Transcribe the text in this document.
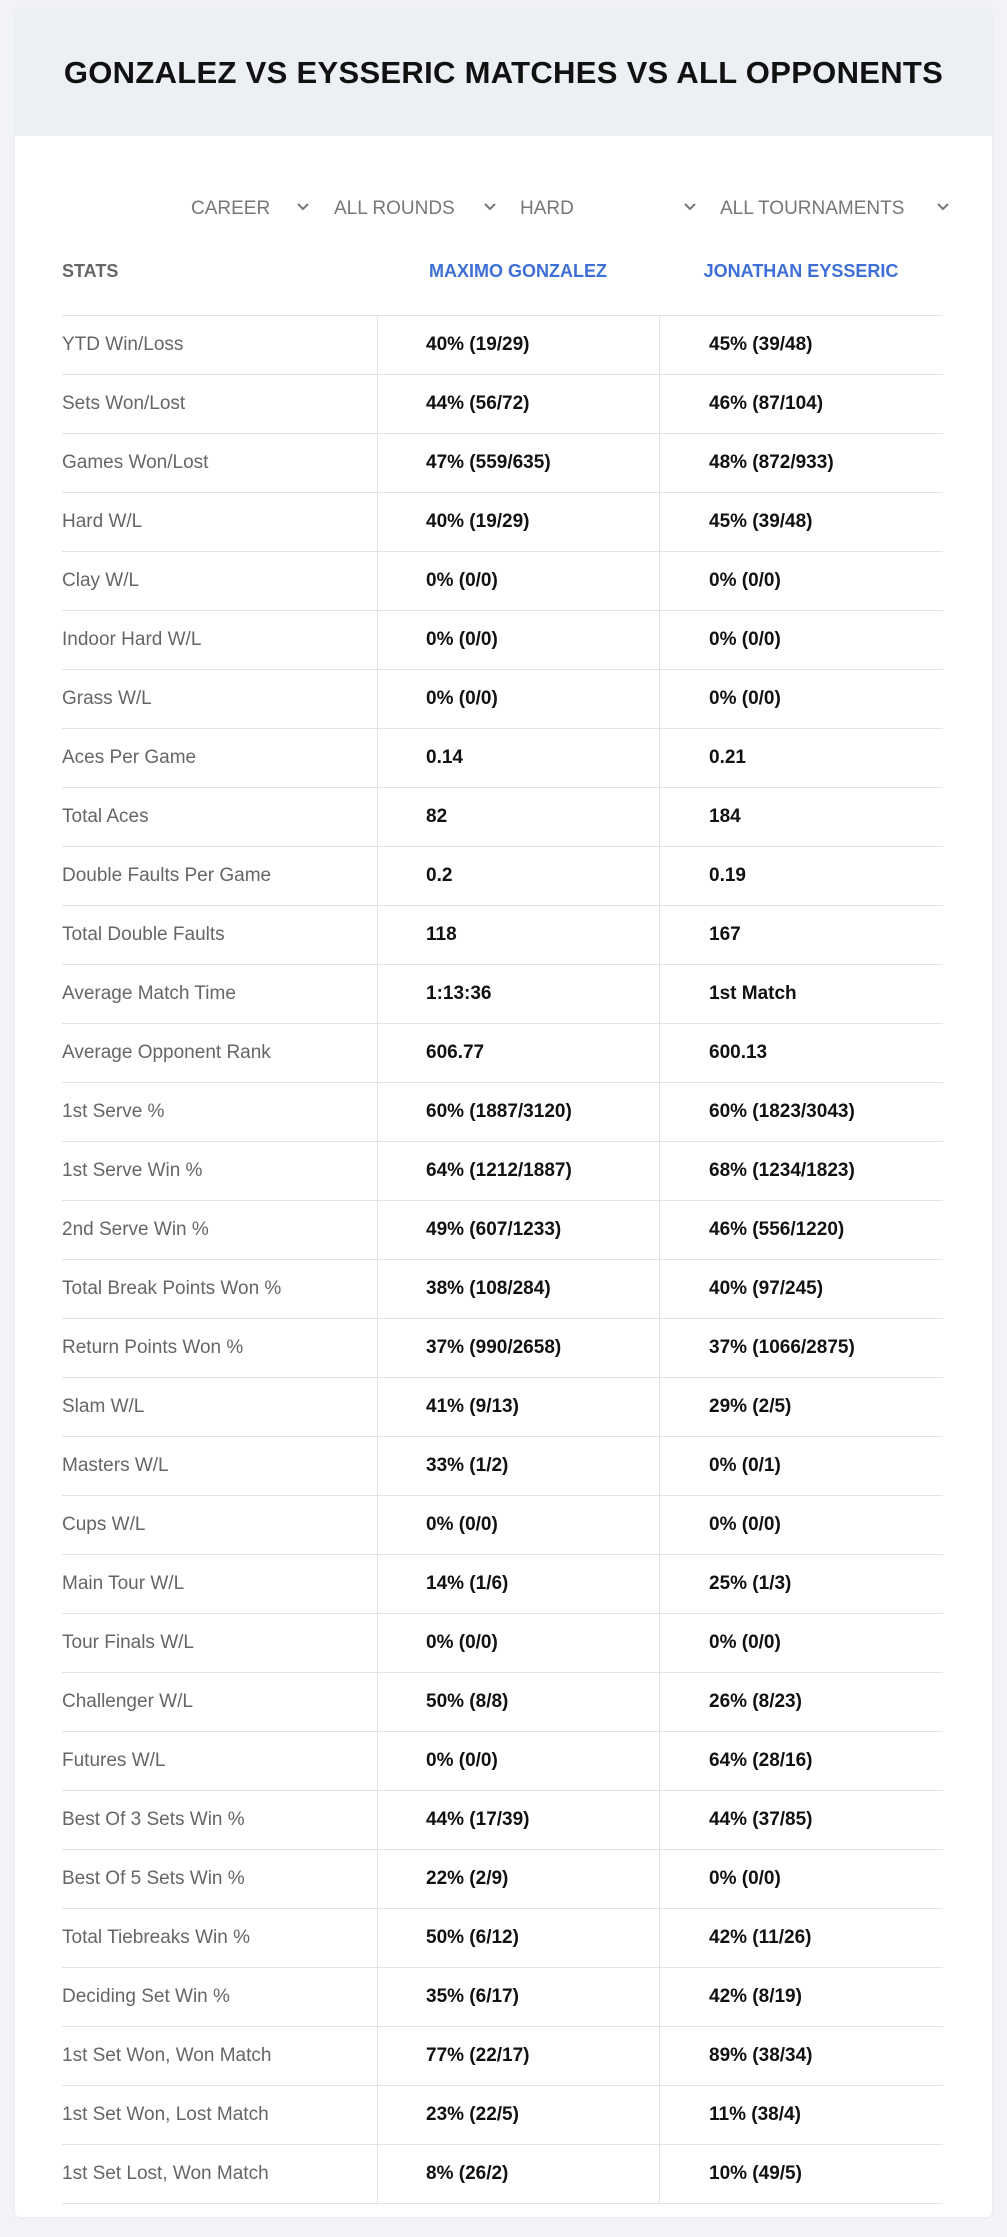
GONZALEZ VS EYSSERIC MATCHES VS ALL OPPONENTS
CAREER	ALL ROUNDS	HARD	ALL TOURNAMENTS
STATS	MAXIMO GONZALEZ	JONATHAN EYSSERIC
YTD Win/Loss	40% (19/29)	45% (39/48)
Sets Won/Lost	44% (56/72)	46% (87/104)
Games Won/Lost	47% (559/635)	48% (872/933)
Hard W/L	40% (19/29)	45% (39/48)
Clay W/L	0% (0/0)	0% (0/0)
Indoor Hard W/L	0% (0/0)	0% (0/0)
Grass W/L	0% (0/0)	0% (0/0)
Aces Per Game	0.14	0.21
Total Aces	82	184
Double Faults Per Game	0.2	0.19
Total Double Faults	118	167
Average Match Time	1:13:36	1st Match
Average Opponent Rank	606.77	600.13
1st Serve %	60% (1887/3120)	60% (1823/3043)
1st Serve Win %	64% (1212/1887)	68% (1234/1823)
2nd Serve Win %	49% (607/1233)	46% (556/1220)
Total Break Points Won %	38% (108/284)	40% (97/245)
Return Points Won %	37% (990/2658)	37% (1066/2875)
Slam W/L	41% (9/13)	29% (2/5)
Masters W/L	33% (1/2)	0% (0/1)
Cups W/L	0% (0/0)	0% (0/0)
Main Tour W/L	14% (1/6)	25% (1/3)
Tour Finals W/L	0% (0/0)	0% (0/0)
Challenger W/L	50% (8/8)	26% (8/23)
Futures W/L	0% (0/0)	64% (28/16)
Best Of 3 Sets Win %	44% (17/39)	44% (37/85)
Best Of 5 Sets Win %	22% (2/9)	0% (0/0)
Total Tiebreaks Win %	50% (6/12)	42% (11/26)
Deciding Set Win %	35% (6/17)	42% (8/19)
1st Set Won, Won Match	77% (22/17)	89% (38/34)
1st Set Won, Lost Match	23% (22/5)	11% (38/4)
1st Set Lost, Won Match	8% (26/2)	10% (49/5)
